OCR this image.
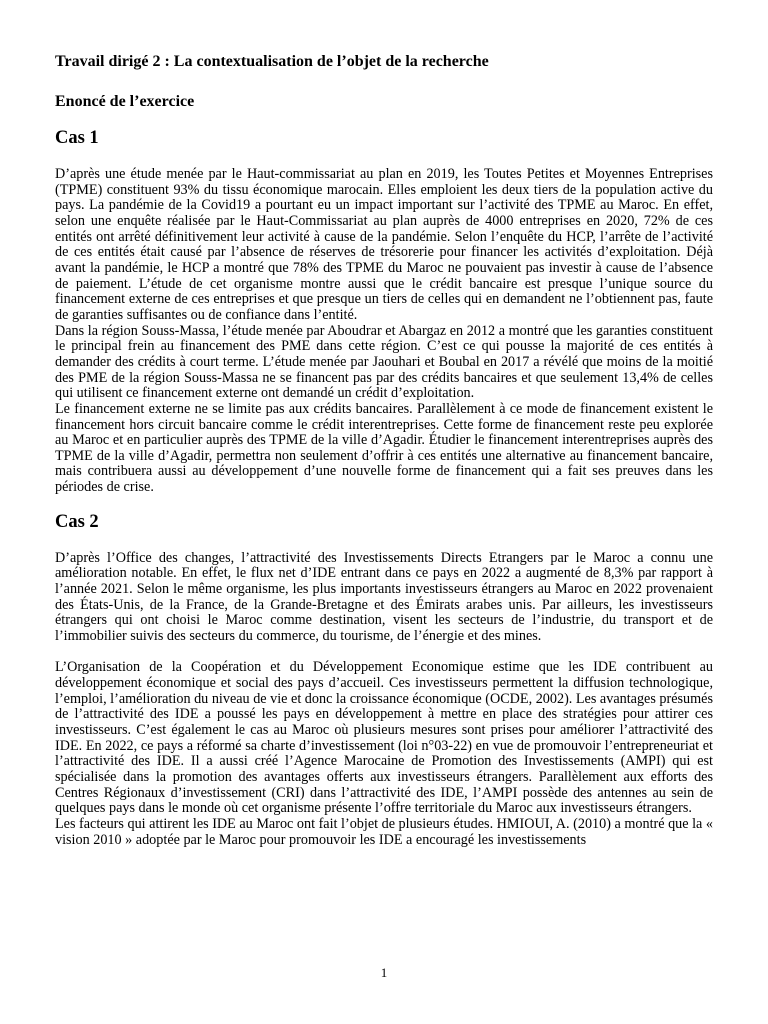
Travail dirigé 2 : La contextualisation de l’objet de la recherche

Enoncé de l’exercice

Cas 1

D’après une étude menée par le Haut-commissariat au plan en 2019, les Toutes Petites et Moyennes Entreprises (TPME) constituent 93% du tissu économique marocain. Elles emploient les deux tiers de la population active du pays. La pandémie de la Covid19 a pourtant eu un impact important sur l’activité des TPME au Maroc. En effet, selon une enquête réalisée par le Haut-Commissariat au plan auprès de 4000 entreprises en 2020, 72% de ces entités ont arrêté définitivement leur activité à cause de la pandémie. Selon l’enquête du HCP, l’arrête de l’activité de ces entités était causé par l’absence de réserves de trésorerie pour financer les activités d’exploitation. Déjà avant la pandémie, le HCP a montré que 78% des TPME du Maroc ne pouvaient pas investir à cause de l’absence de paiement. L’étude de cet organisme montre aussi que le crédit bancaire est presque l’unique source du financement externe de ces entreprises et que presque un tiers de celles qui en demandent ne l’obtiennent pas, faute de garanties suffisantes ou de confiance dans l’entité.

Dans la région Souss-Massa, l’étude menée par Aboudrar et Abargaz en 2012 a montré que les garanties constituent le principal frein au financement des PME dans cette région. C’est ce qui pousse la majorité de ces entités à demander des crédits à court terme. L’étude menée par Jaouhari et Boubal en 2017 a révélé que moins de la moitié des PME de la région Souss-Massa ne se financent pas par des crédits bancaires et que seulement 13,4% de celles qui utilisent ce financement externe ont demandé un crédit d’exploitation.

Le financement externe ne se limite pas aux crédits bancaires. Parallèlement à ce mode de financement existent le financement hors circuit bancaire comme le crédit interentreprises. Cette forme de financement reste peu explorée au Maroc et en particulier auprès des TPME de la ville d’Agadir. Étudier le financement interentreprises auprès des TPME de la ville d’Agadir, permettra non seulement d’offrir à ces entités une alternative au financement bancaire, mais contribuera aussi au développement d’une nouvelle forme de financement qui a fait ses preuves dans les périodes de crise.

Cas 2

D’après l’Office des changes, l’attractivité des Investissements Directs Etrangers par le Maroc a connu une amélioration notable. En effet, le flux net d’IDE entrant dans ce pays en 2022 a augmenté de 8,3% par rapport à l’année 2021. Selon le même organisme, les plus importants investisseurs étrangers au Maroc en 2022 provenaient des États-Unis, de la France, de la Grande-Bretagne et des Émirats arabes unis. Par ailleurs, les investisseurs étrangers qui ont choisi le Maroc comme destination, visent les secteurs de l’industrie, du transport et de l’immobilier suivis des secteurs du commerce, du tourisme, de l’énergie et des mines.

L’Organisation de la Coopération et du Développement Economique estime que les IDE contribuent au développement économique et social des pays d’accueil. Ces investisseurs permettent la diffusion technologique, l’emploi, l’amélioration du niveau de vie et donc la croissance économique (OCDE, 2002). Les avantages présumés de l’attractivité des IDE a poussé les pays en développement à mettre en place des stratégies pour attirer ces investisseurs. C’est également le cas au Maroc où plusieurs mesures sont prises pour améliorer l’attractivité des IDE. En 2022, ce pays a réformé sa charte d’investissement (loi n°03-22) en vue de promouvoir l’entrepreneuriat et l’attractivité des IDE. Il a aussi créé l’Agence Marocaine de Promotion des Investissements (AMPI) qui est spécialisée dans la promotion des avantages offerts aux investisseurs étrangers. Parallèlement aux efforts des Centres Régionaux d’investissement (CRI) dans l’attractivité des IDE, l’AMPI possède des antennes au sein de quelques pays dans le monde où cet organisme présente l’offre territoriale du Maroc aux investisseurs étrangers.

Les facteurs qui attirent les IDE au Maroc ont fait l’objet de plusieurs études. HMIOUI, A. (2010) a montré que la « vision 2010 » adoptée par le Maroc pour promouvoir les IDE a encouragé les investissements

1
